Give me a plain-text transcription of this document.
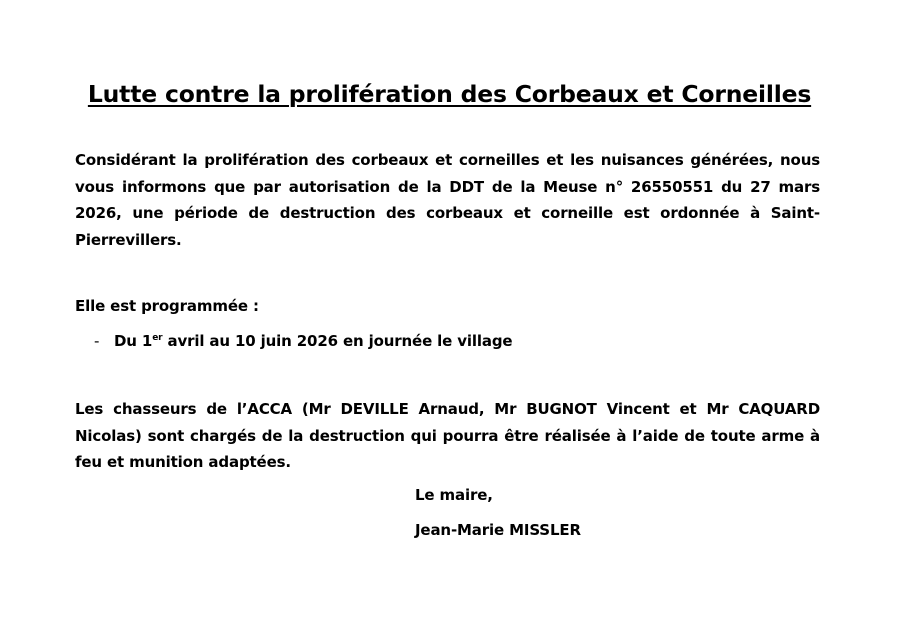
Lutte contre la prolifération des Corbeaux et Corneilles
Considérant la prolifération des corbeaux et corneilles et les nuisances générées, nous vous informons que par autorisation de la DDT de la Meuse n° 26550551 du 27 mars 2026, une période de destruction des corbeaux et corneille est ordonnée à Saint-Pierrevillers.
Elle est programmée :
- Du 1er avril au 10 juin 2026 en journée le village
Les chasseurs de l’ACCA (Mr DEVILLE Arnaud, Mr BUGNOT Vincent et Mr CAQUARD Nicolas) sont chargés de la destruction qui pourra être réalisée à l’aide de toute arme à feu et munition adaptées.
Le maire,
Jean-Marie MISSLER
